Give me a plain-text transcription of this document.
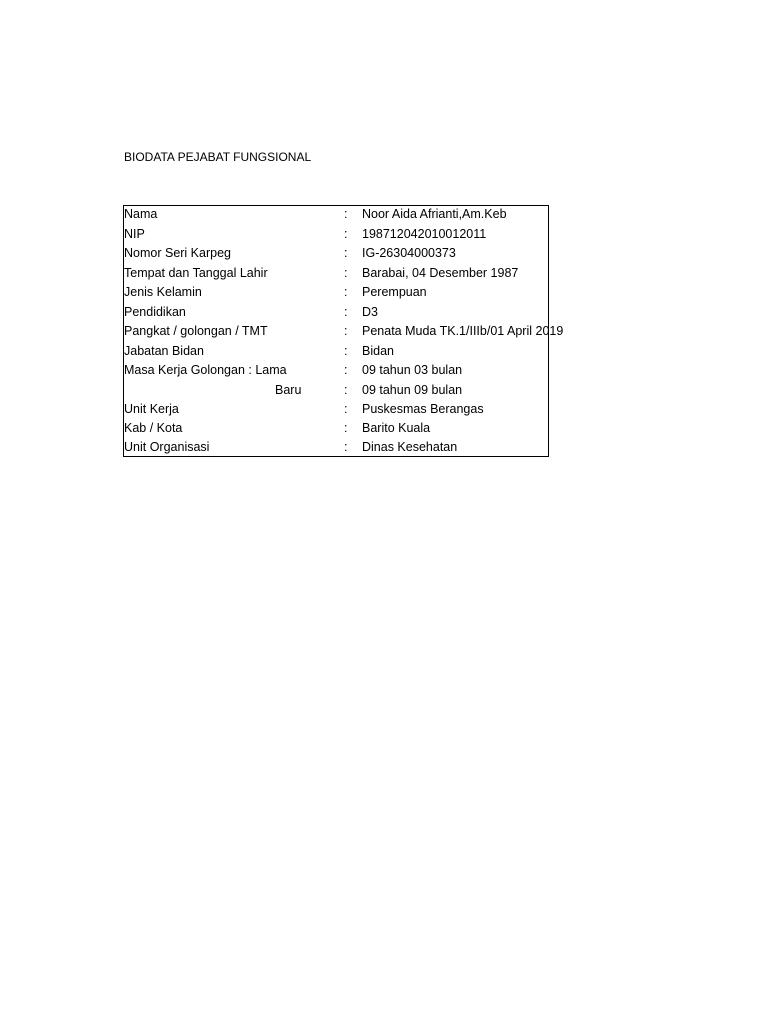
BIODATA PEJABAT FUNGSIONAL
Nama	: Noor Aida Afrianti,Am.Keb
NIP	: 198712042010012011
Nomor Seri Karpeg	: IG-26304000373
Tempat dan Tanggal Lahir	: Barabai, 04 Desember 1987
Jenis Kelamin	: Perempuan
Pendidikan	: D3
Pangkat / golongan / TMT	: Penata Muda TK.1/IIIb/01 April 2019
Jabatan Bidan	: Bidan
Masa Kerja Golongan : Lama	: 09 tahun 03 bulan
Baru	: 09 tahun 09 bulan
Unit Kerja	: Puskesmas Berangas
Kab / Kota	: Barito Kuala
Unit Organisasi	: Dinas Kesehatan
